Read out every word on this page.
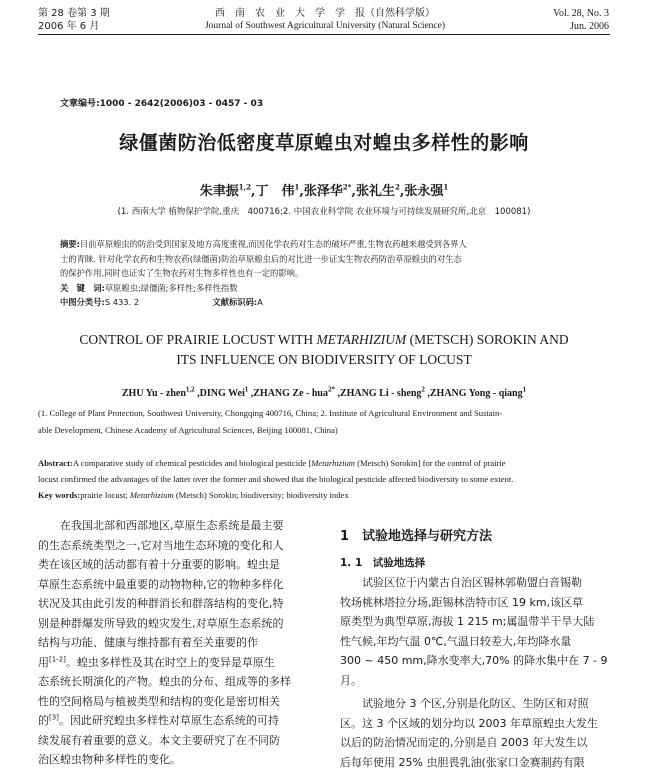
第 28 卷第 3 期
2006 年 6 月
西　南　农　业　大　学　学　报（自然科学版）
Journal of Southwest Agricultural University (Natural Science)
Vol. 28, No. 3
Jun. 2006
文章编号:1000 - 2642(2006)03 - 0457 - 03
绿僵菌防治低密度草原蝗虫对蝗虫多样性的影响
朱聿振$^{1,2}$,丁　伟$^1$,张泽华$^{2*}$,张礼生$^2$,张永强$^1$
(1. 西南大学 植物保护学院,重庆　400716;2. 中国农业科学院 农业环境与可持续发展研究所,北京　100081)
摘要:目前草原蝗虫的防治受到国家及地方高度重视,而因化学农药对生态的破坏严重,生物农药越来越受到各界人
士的青睐. 针对化学农药和生物农药(绿僵菌)防治草原蝗虫后的对比进一步证实生物农药防治草原蝗虫的对生态
的保护作用,同时也证实了生物农药对生物多样性也有一定的影响。
关　键　词:草原蝗虫;绿僵菌;多样性;多样性指数
中图分类号:S 433. 2	文献标识码:A
CONTROL OF PRAIRIE LOCUST WITH METARHIZIUM (METSCH) SOROKIN AND
ITS INFLUENCE ON BIODIVERSITY OF LOCUST
ZHU Yu - zhen$^{1,2}$ ,DING Wei$^1$ ,ZHANG Ze - hua$^{2*}$ ,ZHANG Li - sheng$^2$ ,ZHANG Yong - qiang$^1$
(1. College of Plant Protection, Southwest University, Chongqing 400716, China; 2. Institute of Agricultural Environment and Sustain-
able Development, Chinese Academy of Agricultural Sciences, Beijing 100081, China)
Abstract:A comparative study of chemical pesticides and biological pesticide [Metarhizium (Metsch) Sorokin] for the control of prairie
locust confirmed the advantages of the latter over the former and showed that the biological pesticide affected biodiversity to some extent.
Key words:prairie locust; Metarhizium (Metsch) Sorokin; biodiversity; biodiversity index
在我国北部和西部地区,草原生态系统是最主要
的生态系统类型之一,它对当地生态环境的变化和人
类在该区域的活动都有着十分重要的影响。蝗虫是
草原生态系统中最重要的动物物种,它的物种多样化
状况及其由此引发的种群消长和群落结构的变化,特
别是种群爆发所导致的蝗灾发生,对草原生态系统的
结构与功能、健康与维持都有着至关重要的作
用[1-2]。蝗虫多样性及其在时空上的变异是草原生
态系统长期演化的产物。蝗虫的分布、组成等的多样
性的空间格局与植被类型和结构的变化是密切相关
的[3]。因此研究蝗虫多样性对草原生态系统的可持
续发展有着重要的意义。本文主要研究了在不同防
治区蝗虫物种多样性的变化。
1　试验地选择与研究方法
1. 1　试验地选择
试验区位于内蒙古自治区锡林郭勒盟白音锡勒
牧场桃林塔拉分场,距锡林浩特市区 19 km,该区草
原类型为典型草原,海拔 1 215 m;属温带半干旱大陆
性气候,年均气温 0℃,气温日较差大,年均降水量
300 ~ 450 mm,降水变率大,70% 的降水集中在 7 - 9
月。
试验地分 3 个区,分别是化防区、生防区和对照
区。这 3 个区域的划分均以 2003 年草原蝗虫大发生
以后的防治情况而定的,分别是自 2003 年大发生以
后每年使用 25% 虫胆畏乳油(张家口金赛制药有限
